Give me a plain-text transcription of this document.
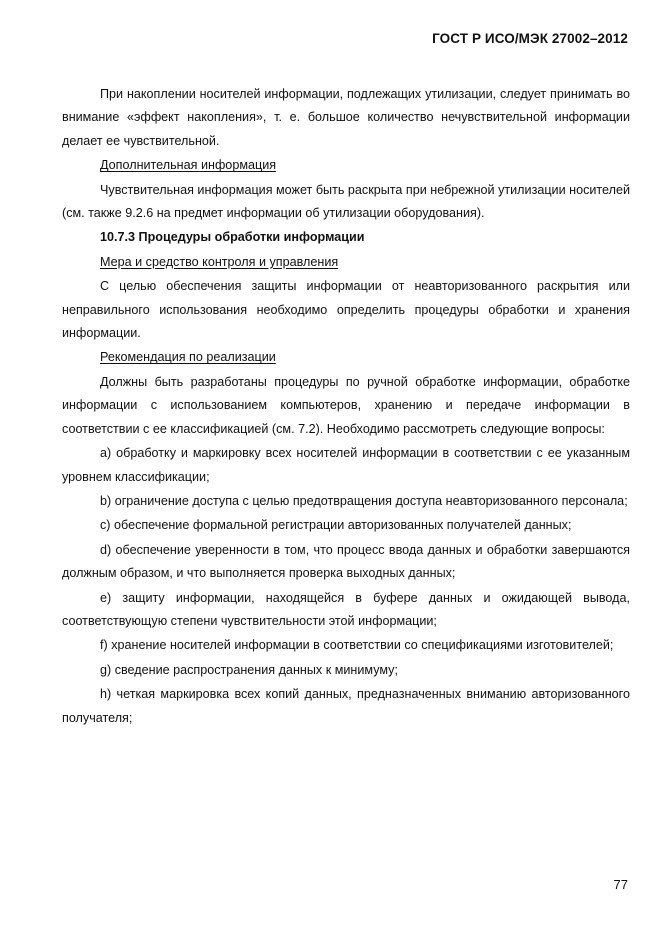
ГОСТ Р ИСО/МЭК 27002–2012

При накоплении носителей информации, подлежащих утилизации, следует принимать во внимание «эффект накопления», т. е. большое количество нечувствительной информации делает ее чувствительной.

Дополнительная информация

Чувствительная информация может быть раскрыта при небрежной утилизации носителей (см. также 9.2.6 на предмет информации об утилизации оборудования).

10.7.3 Процедуры обработки информации

Мера и средство контроля и управления

С целью обеспечения защиты информации от неавторизованного раскрытия или неправильного использования необходимо определить процедуры обработки и хранения информации.

Рекомендация по реализации

Должны быть разработаны процедуры по ручной обработке информации, обработке информации с использованием компьютеров, хранению и передаче информации в соответствии с ее классификацией (см. 7.2). Необходимо рассмотреть следующие вопросы:

a) обработку и маркировку всех носителей информации в соответствии с ее указанным уровнем классификации;

b) ограничение доступа с целью предотвращения доступа неавторизованного персонала;

c) обеспечение формальной регистрации авторизованных получателей данных;

d) обеспечение уверенности в том, что процесс ввода данных и обработки завершаются должным образом, и что выполняется проверка выходных данных;

e) защиту информации, находящейся в буфере данных и ожидающей вывода, соответствующую степени чувствительности этой информации;

f) хранение носителей информации в соответствии со спецификациями изготовителей;

g) сведение распространения данных к минимуму;

h) четкая маркировка всех копий данных, предназначенных вниманию авторизованного получателя;

77
